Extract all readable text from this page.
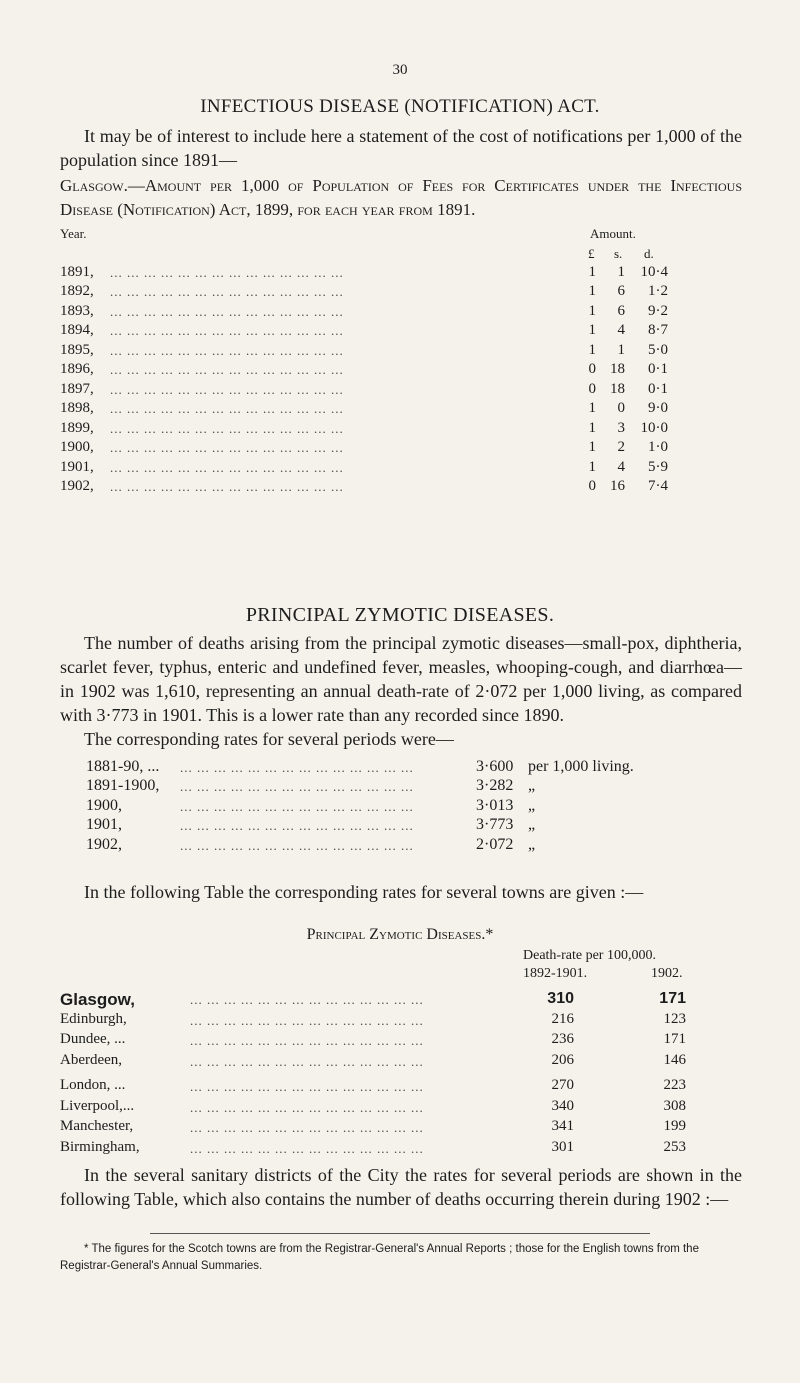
30
INFECTIOUS DISEASE (NOTIFICATION) ACT.

It may be of interest to include here a statement of the cost of notifications per 1,000 of the population since 1891—

Glasgow.—Amount per 1,000 of Population of Fees for Certificates under the Infectious Disease (Notification) Act, 1899, for each year from 1891.

Year.	Amount.
£ s. d.
1891, ... ... ... ... ... ... ... ... ... ... ... ... ... ...	1	1	10·4
1892, ... ... ... ... ... ... ... ... ... ... ... ... ... ...	1	6	1·2
1893, ... ... ... ... ... ... ... ... ... ... ... ... ... ...	1	6	9·2
1894, ... ... ... ... ... ... ... ... ... ... ... ... ... ...	1	4	8·7
1895, ... ... ... ... ... ... ... ... ... ... ... ... ... ...	1	1	5·0
1896, ... ... ... ... ... ... ... ... ... ... ... ... ... ...	0 18	0·1
1897, ... ... ... ... ... ... ... ... ... ... ... ... ... ...	0 18	0·1
1898, ... ... ... ... ... ... ... ... ... ... ... ... ... ...	1	0	9·0
1899, ... ... ... ... ... ... ... ... ... ... ... ... ... ...	1	3	10·0
1900, ... ... ... ... ... ... ... ... ... ... ... ... ... ...	1	2	1·0
1901, ... ... ... ... ... ... ... ... ... ... ... ... ... ...	1	4	5·9
1902, ... ... ... ... ... ... ... ... ... ... ... ... ... ...	0 16	7·4
PRINCIPAL ZYMOTIC DISEASES.

The number of deaths arising from the principal zymotic diseases—small-pox, diphtheria, scarlet fever, typhus, enteric and undefined fever, measles, whooping-cough, and diarrhœa—in 1902 was 1,610, representing an annual death-rate of 2·072 per 1,000 living, as compared with 3·773 in 1901. This is a lower rate than any recorded since 1890.

The corresponding rates for several periods were—

1881-90, ... ... ... ... ... ... ... ... ... ... ... ... ... ... ...	3·600 per 1,000 living.
1891-1900, ... ... ... ... ... ... ... ... ... ... ... ... ... ...	3·282 „
1900,	... ... ... ... ... ... ... ... ... ... ... ... ... ...	3·013 „
1901,	... ... ... ... ... ... ... ... ... ... ... ... ... ...	3·773 „
1902,	... ... ... ... ... ... ... ... ... ... ... ... ... ...	2·072 „

In the following Table the corresponding rates for several towns are given :—

Principal Zymotic Diseases.*
Death-rate per 100,000.
1892-1901.	1902.
Glasgow,	... ... ... ... ... ... ... ... ... ... ... ... ... ...	310	171
Edinburgh,	... ... ... ... ... ... ... ... ... ... ... ... ... ...	216	123
Dundee, ...	... ... ... ... ... ... ... ... ... ... ... ... ... ...	236	171
Aberdeen,	... ... ... ... ... ... ... ... ... ... ... ... ... ...	206	146
London, ...	... ... ... ... ... ... ... ... ... ... ... ... ... ...	270	223
Liverpool,...	... ... ... ... ... ... ... ... ... ... ... ... ... ...	340	308
Manchester,	... ... ... ... ... ... ... ... ... ... ... ... ... ...	341	199
Birmingham,	... ... ... ... ... ... ... ... ... ... ... ... ... ...	301	253

In the several sanitary districts of the City the rates for several periods are shown in the following Table, which also contains the number of deaths occurring therein during 1902 :—

* The figures for the Scotch towns are from the Registrar-General's Annual Reports ; those for the English towns from the Registrar-General's Annual Summaries.
